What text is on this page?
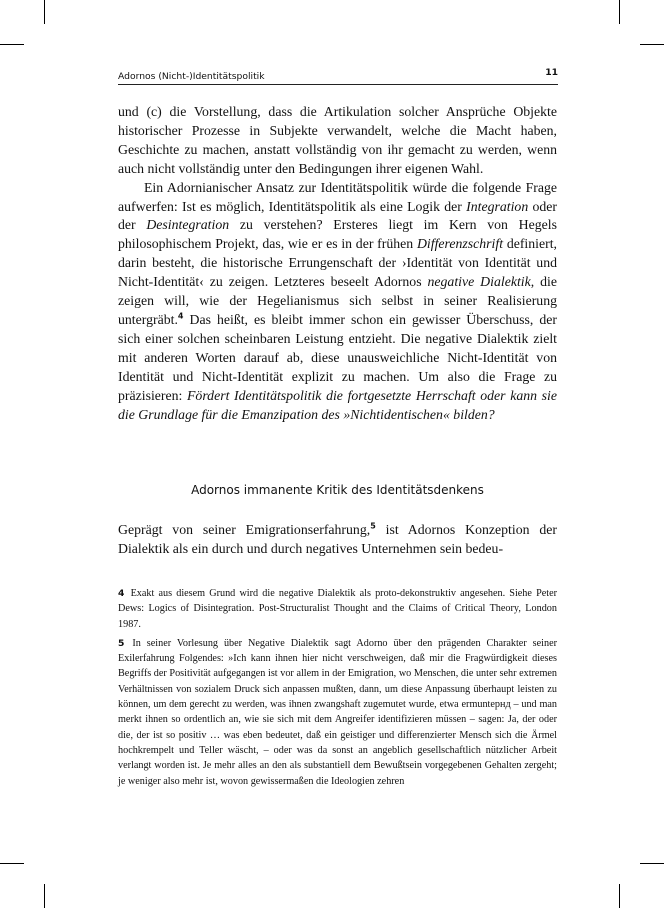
Adornos (Nicht-)Identitätspolitik	11

und (c) die Vorstellung, dass die Artikulation solcher Ansprüche Objekte historischer Prozesse in Subjekte verwandelt, welche die Macht haben, Geschichte zu machen, anstatt vollständig von ihr gemacht zu werden, wenn auch nicht vollständig unter den Bedingungen ihrer eigenen Wahl.

Ein Adornianischer Ansatz zur Identitätspolitik würde die folgende Frage aufwerfen: Ist es möglich, Identitätspolitik als eine Logik der Integration oder der Desintegration zu verstehen? Ersteres liegt im Kern von Hegels philosophischem Projekt, das, wie er es in der frühen Differenzschrift definiert, darin besteht, die historische Errungenschaft der ›Identität von Identität und Nicht-Identität‹ zu zeigen. Letzteres beseelt Adornos negative Dialektik, die zeigen will, wie der Hegelianismus sich selbst in seiner Realisierung untergräbt.$^4$ Das heißt, es bleibt immer schon ein gewisser Überschuss, der sich einer solchen scheinbaren Leistung entzieht. Die negative Dialektik zielt mit anderen Worten darauf ab, diese unausweichliche Nicht-Identität von Identität und Nicht-Identität explizit zu machen. Um also die Frage zu präzisieren: Fördert Identitätspolitik die fortgesetzte Herrschaft oder kann sie die Grundlage für die Emanzipation des »Nichtidentischen« bilden?

Adornos immanente Kritik des Identitätsdenkens

Geprägt von seiner Emigrationserfahrung,$^5$ ist Adornos Konzeption der Dialektik als ein durch und durch negatives Unternehmen sein bedeu-

4 Exakt aus diesem Grund wird die negative Dialektik als proto-dekonstruktiv angesehen. Siehe Peter Dews: Logics of Disintegration. Post-Structuralist Thought and the Claims of Critical Theory, London 1987.

5 In seiner Vorlesung über Negative Dialektik sagt Adorno über den prägenden Charakter seiner Exilerfahrung Folgendes: »Ich kann ihnen hier nicht verschweigen, daß mir die Fragwürdigkeit dieses Begriffs der Positivität aufgegangen ist vor allem in der Emigration, wo Menschen, die unter sehr extremen Verhältnissen von sozialem Druck sich anpassen mußten, dann, um diese Anpassung überhaupt leisten zu können, um dem gerecht zu werden, was ihnen zwangshaft zugemutet wurde, etwa ermuntернд – und man merkt ihnen so ordentlich an, wie sie sich mit dem Angreifer identifizieren müssen – sagen: Ja, der oder die, der ist so positiv … was eben bedeutet, daß ein geistiger und differenzierter Mensch sich die Ärmel hochkrempelt und Teller wäscht, – oder was da sonst an angeblich gesellschaftlich nützlicher Arbeit verlangt worden ist. Je mehr alles an den als substantiell dem Bewußtsein vorgegebenen Gehalten zergeht; je weniger also mehr ist, wovon gewissermaßen die Ideologien zehren
